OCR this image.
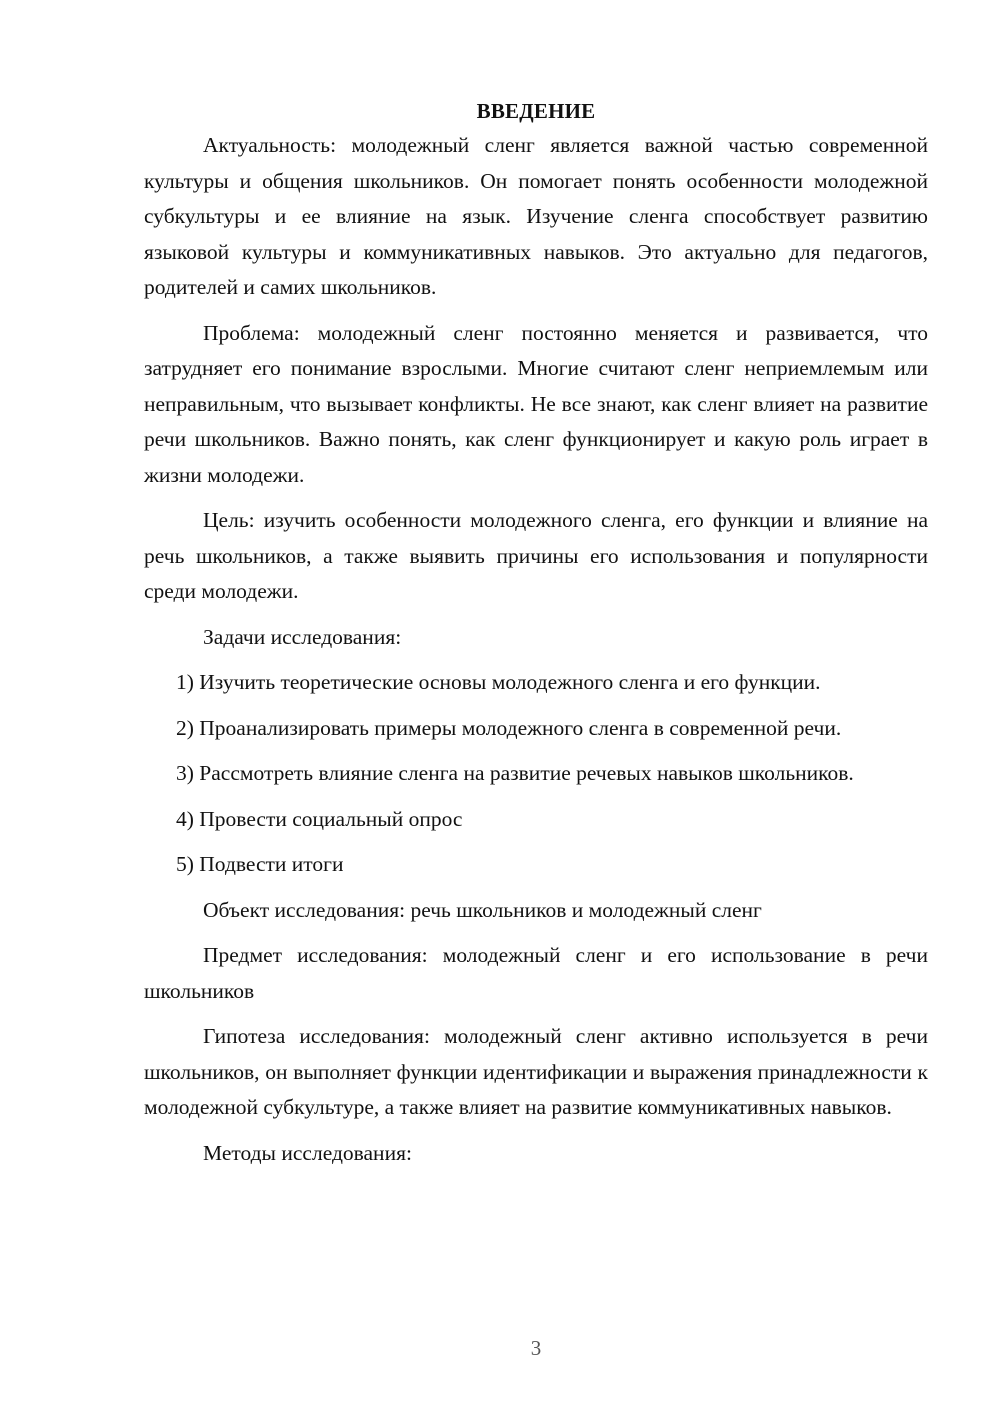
ВВЕДЕНИЕ

Актуальность: молодежный сленг является важной частью современной культуры и общения школьников. Он помогает понять особенности молодежной субкультуры и ее влияние на язык. Изучение сленга способствует развитию языковой культуры и коммуникативных навыков. Это актуально для педагогов, родителей и самих школьников.

Проблема: молодежный сленг постоянно меняется и развивается, что затрудняет его понимание взрослыми. Многие считают сленг неприемлемым или неправильным, что вызывает конфликты. Не все знают, как сленг влияет на развитие речи школьников. Важно понять, как сленг функционирует и какую роль играет в жизни молодежи.

Цель: изучить особенности молодежного сленга, его функции и влияние на речь школьников, а также выявить причины его использования и популярности среди молодежи.

Задачи исследования:

1) Изучить теоретические основы молодежного сленга и его функции.

2) Проанализировать примеры молодежного сленга в современной речи.

3) Рассмотреть влияние сленга на развитие речевых навыков школьников.

4) Провести социальный опрос

5) Подвести итоги

Объект исследования: речь школьников и молодежный сленг

Предмет исследования: молодежный сленг и его использование в речи школьников

Гипотеза исследования: молодежный сленг активно используется в речи школьников, он выполняет функции идентификации и выражения принадлежности к молодежной субкультуре, а также влияет на развитие коммуникативных навыков.

Методы исследования:

3
